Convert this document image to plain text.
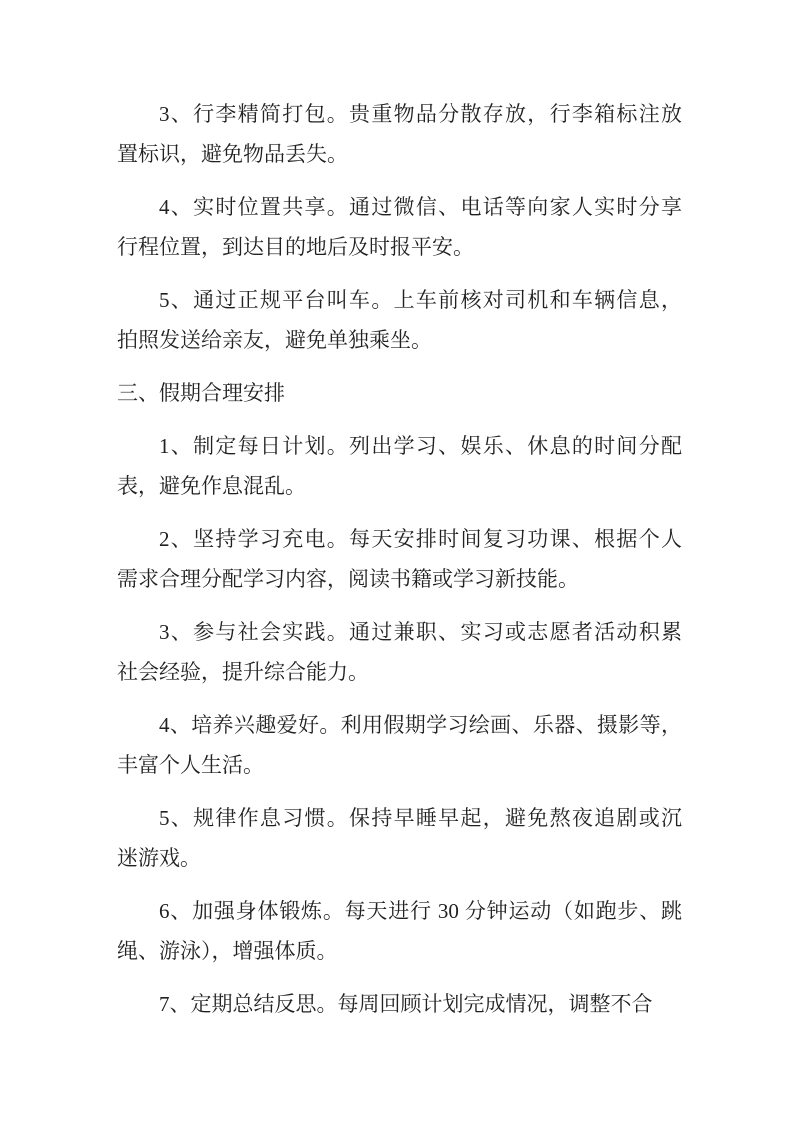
3、行李精简打包。贵重物品分散存放，行李箱标注放
置标识，避免物品丢失。
4、实时位置共享。通过微信、电话等向家人实时分享
行程位置，到达目的地后及时报平安。
5、通过正规平台叫车。上车前核对司机和车辆信息，
拍照发送给亲友，避免单独乘坐。
三、假期合理安排
1、制定每日计划。列出学习、娱乐、休息的时间分配
表，避免作息混乱。
2、坚持学习充电。每天安排时间复习功课、根据个人
需求合理分配学习内容，阅读书籍或学习新技能。
3、参与社会实践。通过兼职、实习或志愿者活动积累
社会经验，提升综合能力。
4、培养兴趣爱好。利用假期学习绘画、乐器、摄影等，
丰富个人生活。
5、规律作息习惯。保持早睡早起，避免熬夜追剧或沉
迷游戏。
6、加强身体锻炼。每天进行 30 分钟运动（如跑步、跳
绳、游泳），增强体质。
7、定期总结反思。每周回顾计划完成情况，调整不合
